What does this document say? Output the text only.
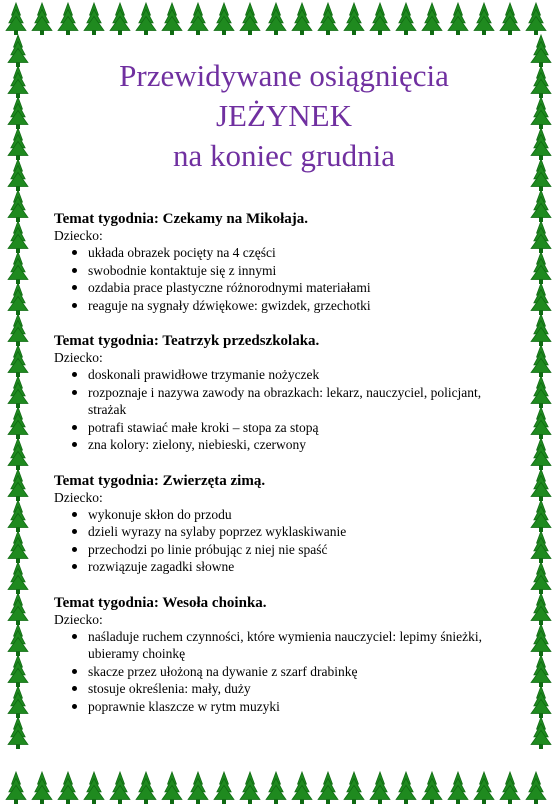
Przewidywane osiągnięcia
JEŻYNEK
na koniec grudnia

Temat tygodnia: Czekamy na Mikołaja.

Dziecko:

układa obrazek pocięty na 4 części
swobodnie kontaktuje się z innymi
ozdabia prace plastyczne różnorodnymi materiałami
reaguje na sygnały dźwiękowe: gwizdek, grzechotki

Temat tygodnia: Teatrzyk przedszkolaka.

Dziecko:

doskonali prawidłowe trzymanie nożyczek
rozpoznaje i nazywa zawody na obrazkach: lekarz, nauczyciel, policjant, strażak
potrafi stawiać małe kroki – stopa za stopą
zna kolory: zielony, niebieski, czerwony

Temat tygodnia: Zwierzęta zimą.

Dziecko:

wykonuje skłon do przodu
dzieli wyrazy na sylaby poprzez wyklaskiwanie
przechodzi po linie próbując z niej nie spaść
rozwiązuje zagadki słowne

Temat tygodnia: Wesoła choinka.

Dziecko:

naśladuje ruchem czynności, które wymienia nauczyciel: lepimy śnieżki, ubieramy choinkę
skacze przez ułożoną na dywanie z szarf drabinkę
stosuje określenia: mały, duży
poprawnie klaszcze w rytm muzyki
